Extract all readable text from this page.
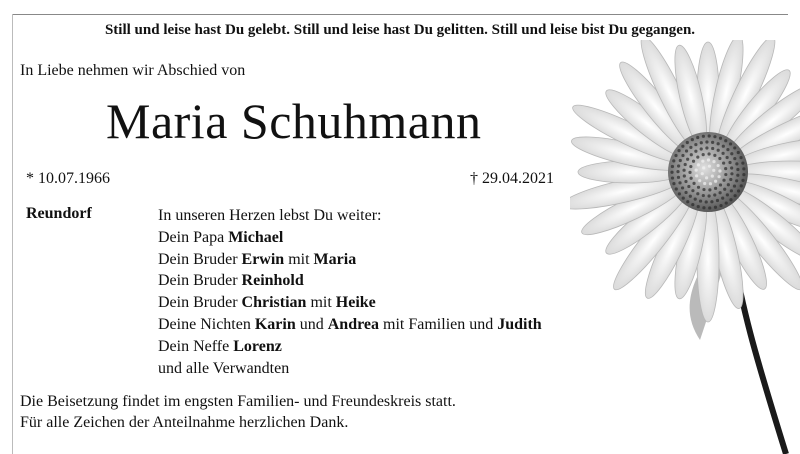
Still und leise hast Du gelebt. Still und leise hast Du gelitten. Still und leise bist Du gegangen.
In Liebe nehmen wir Abschied von
Maria Schuhmann
* 10.07.1966	† 29.04.2021
Reundorf	In unseren Herzen lebst Du weiter:
Dein Papa Michael
Dein Bruder Erwin mit Maria
Dein Bruder Reinhold
Dein Bruder Christian mit Heike
Deine Nichten Karin und Andrea mit Familien und Judith
Dein Neffe Lorenz
und alle Verwandten
Die Beisetzung findet im engsten Familien- und Freundeskreis statt.
Für alle Zeichen der Anteilnahme herzlichen Dank.
